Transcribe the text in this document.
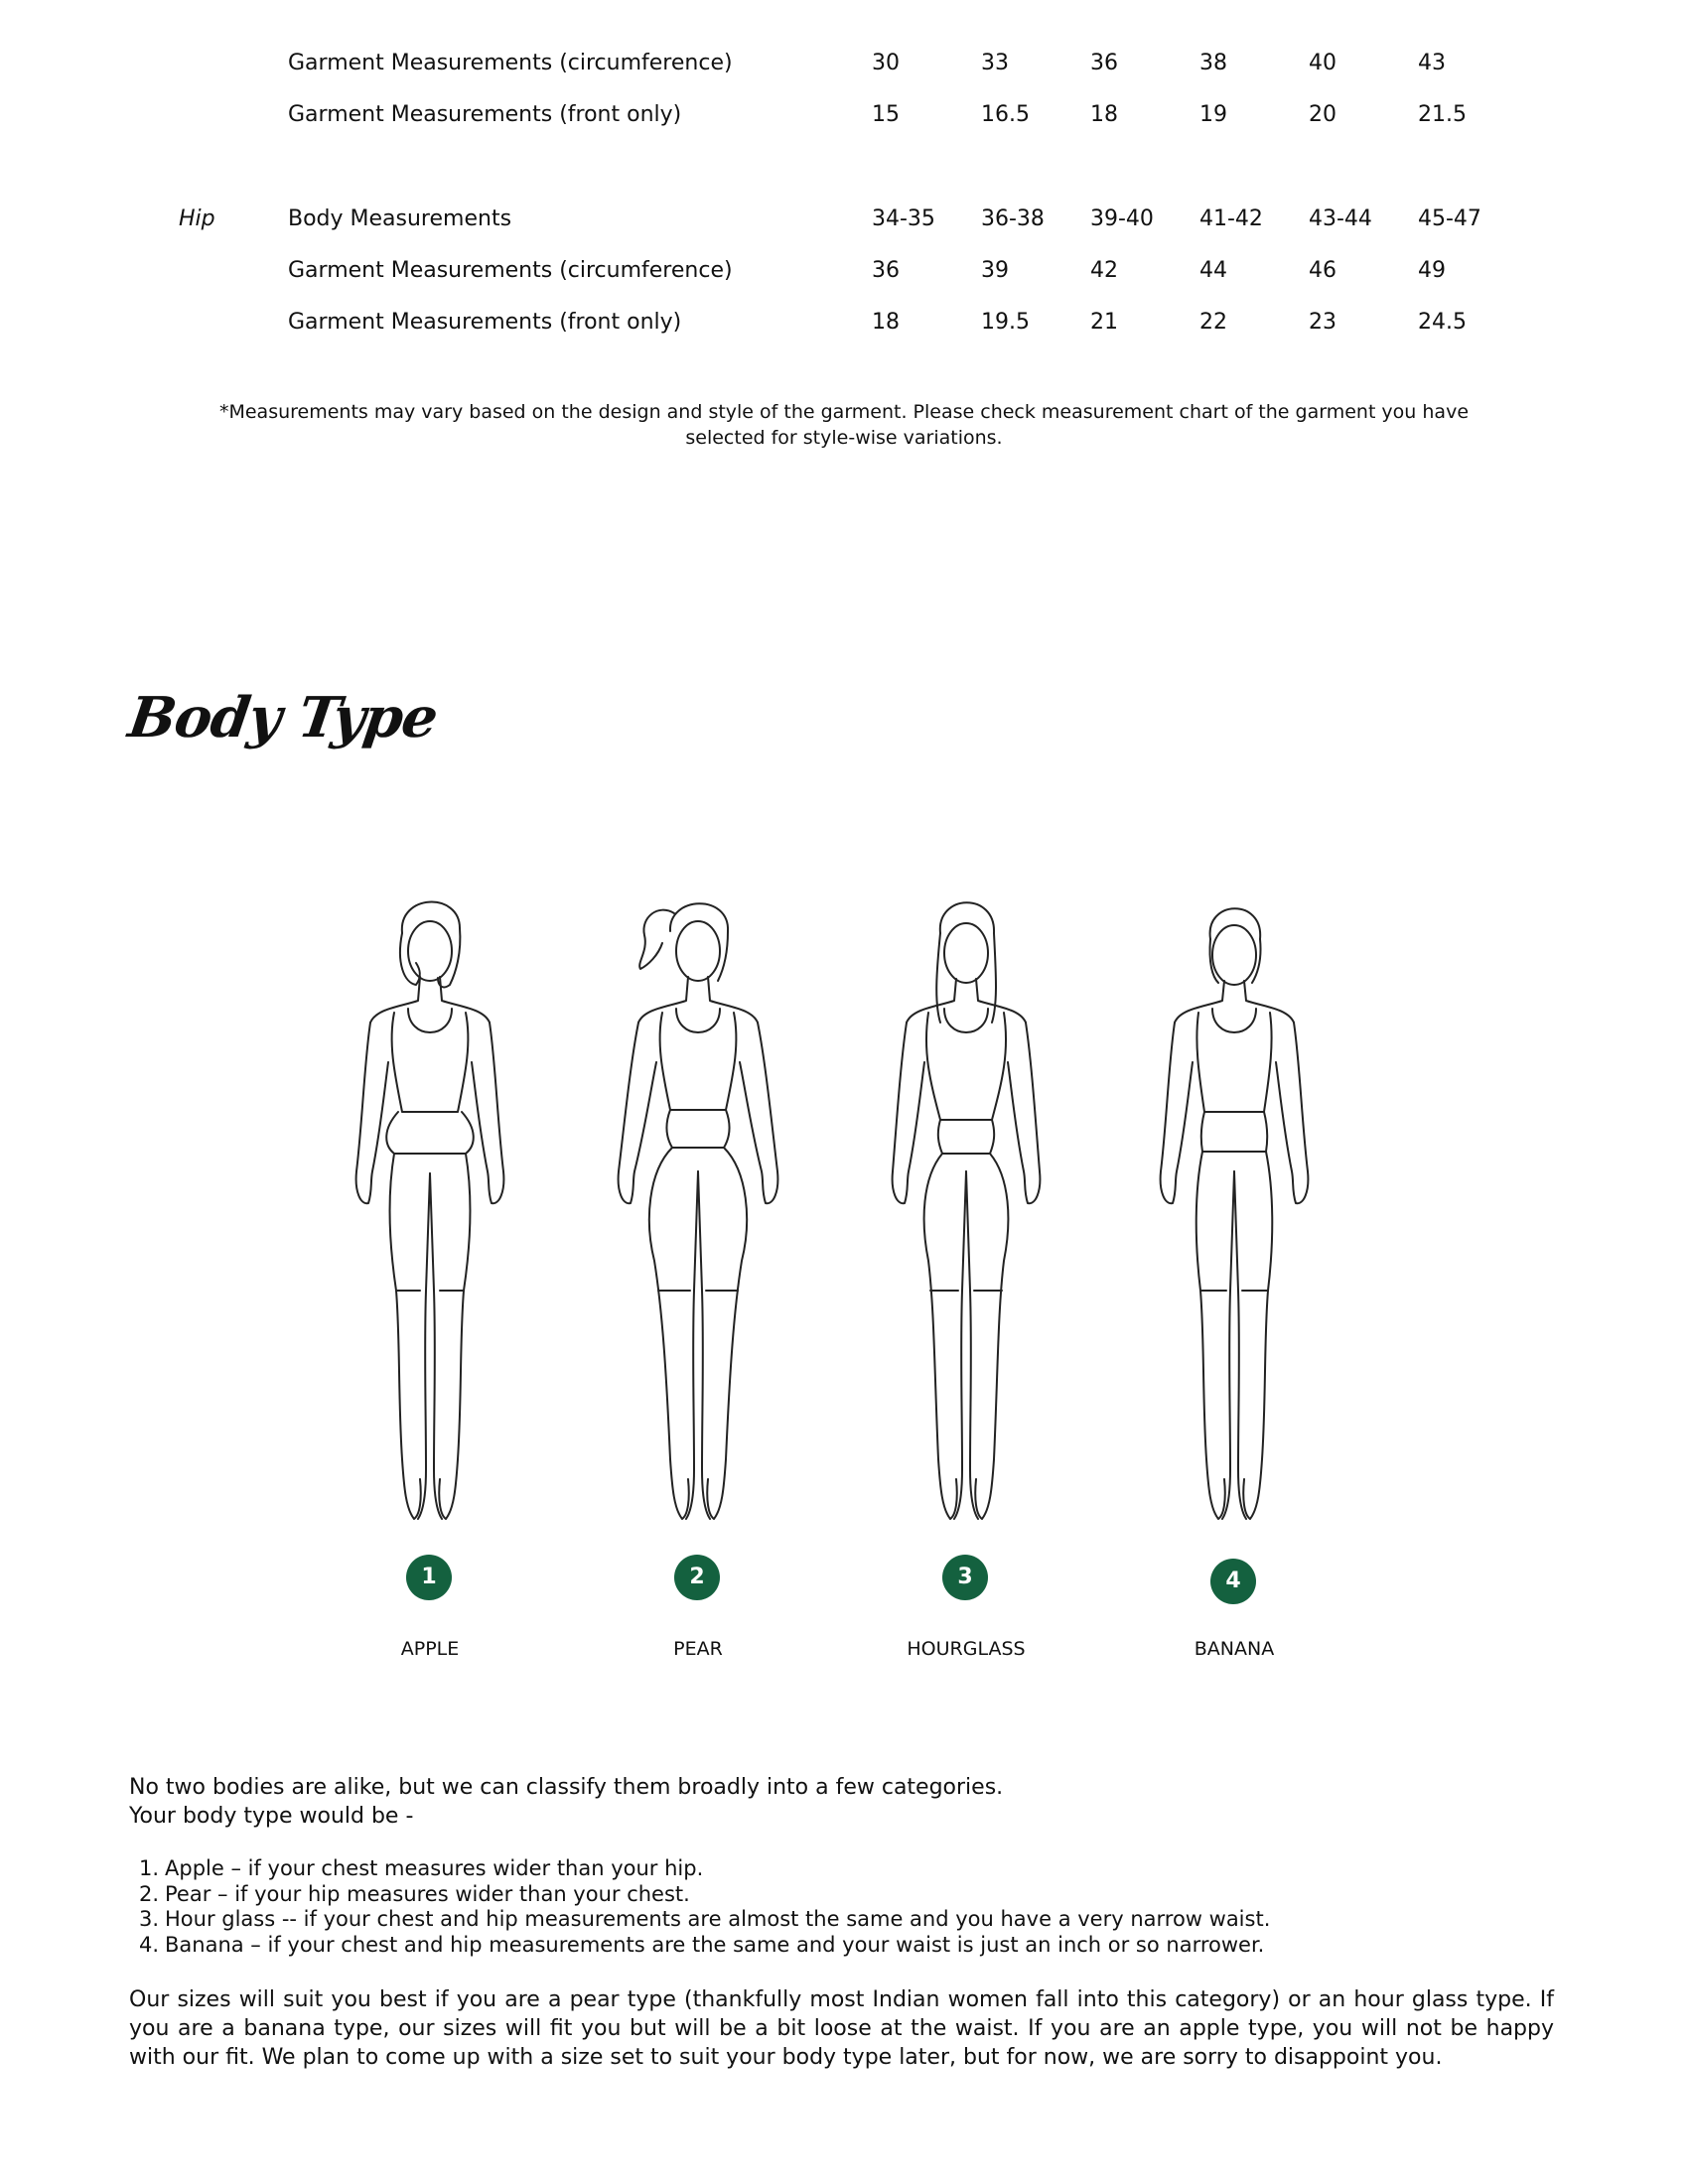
Garment Measurements (circumference)	30	33	36	38	40	43
Garment Measurements (front only)	15	16.5	18	19	20	21.5
Hip	Body Measurements	34-35 36-38 39-40 41-42 43-44 45-47
Garment Measurements (circumference)	36	39	42	44	46	49
Garment Measurements (front only)	18	19.5	21	22	23	24.5
*Measurements may vary based on the design and style of the garment. Please check measurement chart of the garment you have selected for style-wise variations.
Body Type
1
APPLE
2
PEAR
3
HOURGLASS
4
BANANA
No two bodies are alike, but we can classify them broadly into a few categories.
Your body type would be -
1. Apple – if your chest measures wider than your hip.
2. Pear – if your hip measures wider than your chest.
3. Hour glass -- if your chest and hip measurements are almost the same and you have a very narrow waist.
4. Banana – if your chest and hip measurements are the same and your waist is just an inch or so narrower.
Our sizes will suit you best if you are a pear type (thankfully most Indian women fall into this category) or an hour glass type. If you are a banana type, our sizes will fit you but will be a bit loose at the waist. If you are an apple type, you will not be happy with our fit. We plan to come up with a size set to suit your body type later, but for now, we are sorry to disappoint you.
